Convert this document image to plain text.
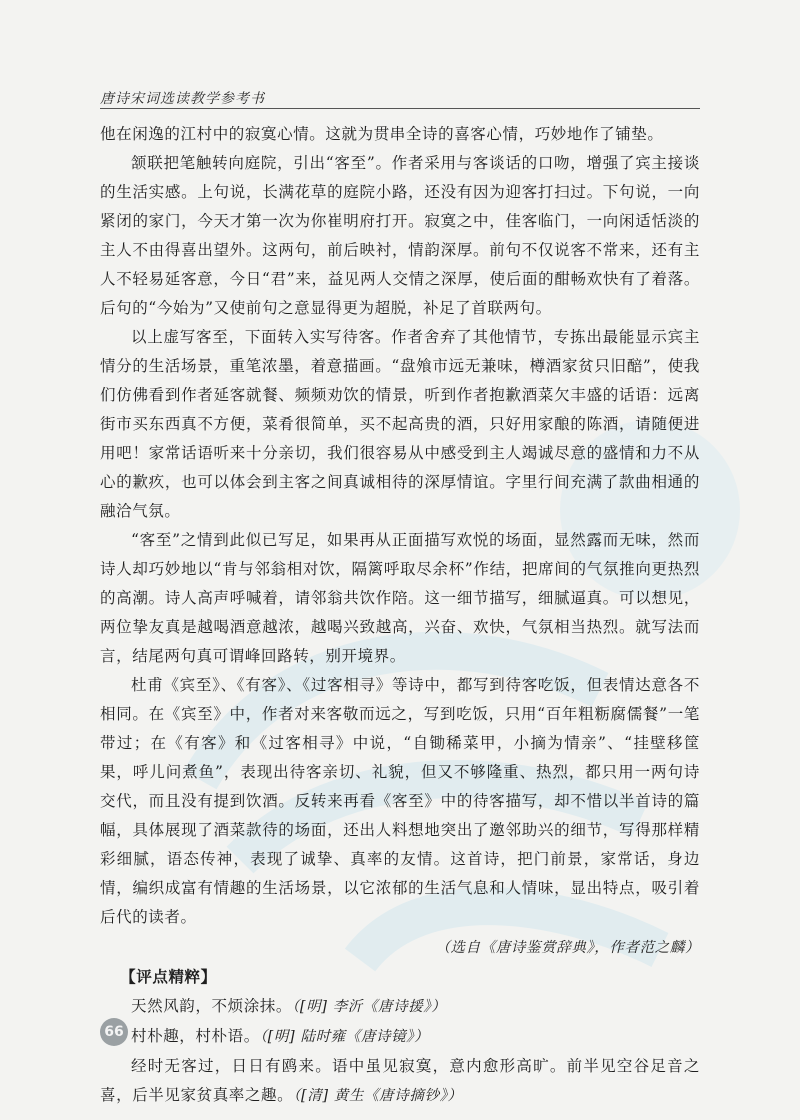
唐诗宋词选读教学参考书

他在闲逸的江村中的寂寞心情。这就为贯串全诗的喜客心情，巧妙地作了铺垫。

颔联把笔触转向庭院，引出“客至”。作者采用与客谈话的口吻，增强了宾主接谈的生活实感。上句说，长满花草的庭院小路，还没有因为迎客打扫过。下句说，一向紧闭的家门，今天才第一次为你崔明府打开。寂寞之中，佳客临门，一向闲适恬淡的主人不由得喜出望外。这两句，前后映衬，情韵深厚。前句不仅说客不常来，还有主人不轻易延客意，今日“君”来，益见两人交情之深厚，使后面的酣畅欢快有了着落。后句的“今始为”又使前句之意显得更为超脱，补足了首联两句。

以上虚写客至，下面转入实写待客。作者舍弃了其他情节，专拣出最能显示宾主情分的生活场景，重笔浓墨，着意描画。“盘飧市远无兼味，樽酒家贫只旧醅”，使我们仿佛看到作者延客就餐、频频劝饮的情景，听到作者抱歉酒菜欠丰盛的话语：远离街市买东西真不方便，菜肴很简单，买不起高贵的酒，只好用家酿的陈酒，请随便进用吧！家常话语听来十分亲切，我们很容易从中感受到主人竭诚尽意的盛情和力不从心的歉疚，也可以体会到主客之间真诚相待的深厚情谊。字里行间充满了款曲相通的融洽气氛。

“客至”之情到此似已写足，如果再从正面描写欢悦的场面，显然露而无味，然而诗人却巧妙地以“肯与邻翁相对饮，隔篱呼取尽余杯”作结，把席间的气氛推向更热烈的高潮。诗人高声呼喊着，请邻翁共饮作陪。这一细节描写，细腻逼真。可以想见，两位挚友真是越喝酒意越浓，越喝兴致越高，兴奋、欢快，气氛相当热烈。就写法而言，结尾两句真可谓峰回路转，别开境界。

杜甫《宾至》、《有客》、《过客相寻》等诗中，都写到待客吃饭，但表情达意各不相同。在《宾至》中，作者对来客敬而远之，写到吃饭，只用“百年粗粝腐儒餐”一笔带过；在《有客》和《过客相寻》中说，“自锄稀菜甲，小摘为情亲”、“挂壁移筐果，呼儿问煮鱼”，表现出待客亲切、礼貌，但又不够隆重、热烈，都只用一两句诗交代，而且没有提到饮酒。反转来再看《客至》中的待客描写，却不惜以半首诗的篇幅，具体展现了酒菜款待的场面，还出人料想地突出了邀邻助兴的细节，写得那样精彩细腻，语态传神，表现了诚挚、真率的友情。这首诗，把门前景，家常话，身边情，编织成富有情趣的生活场景，以它浓郁的生活气息和人情味，显出特点，吸引着后代的读者。

（选自《唐诗鉴赏辞典》，作者范之麟）

【评点精粹】

天然风韵，不烦涂抹。（[明] 李沂《唐诗援》）

村朴趣，村朴语。（[明] 陆时雍《唐诗镜》）

经时无客过，日日有鸥来。语中虽见寂寞，意内愈形高旷。前半见空谷足音之喜，后半见家贫真率之趣。（[清] 黄生《唐诗摘钞》）

66
